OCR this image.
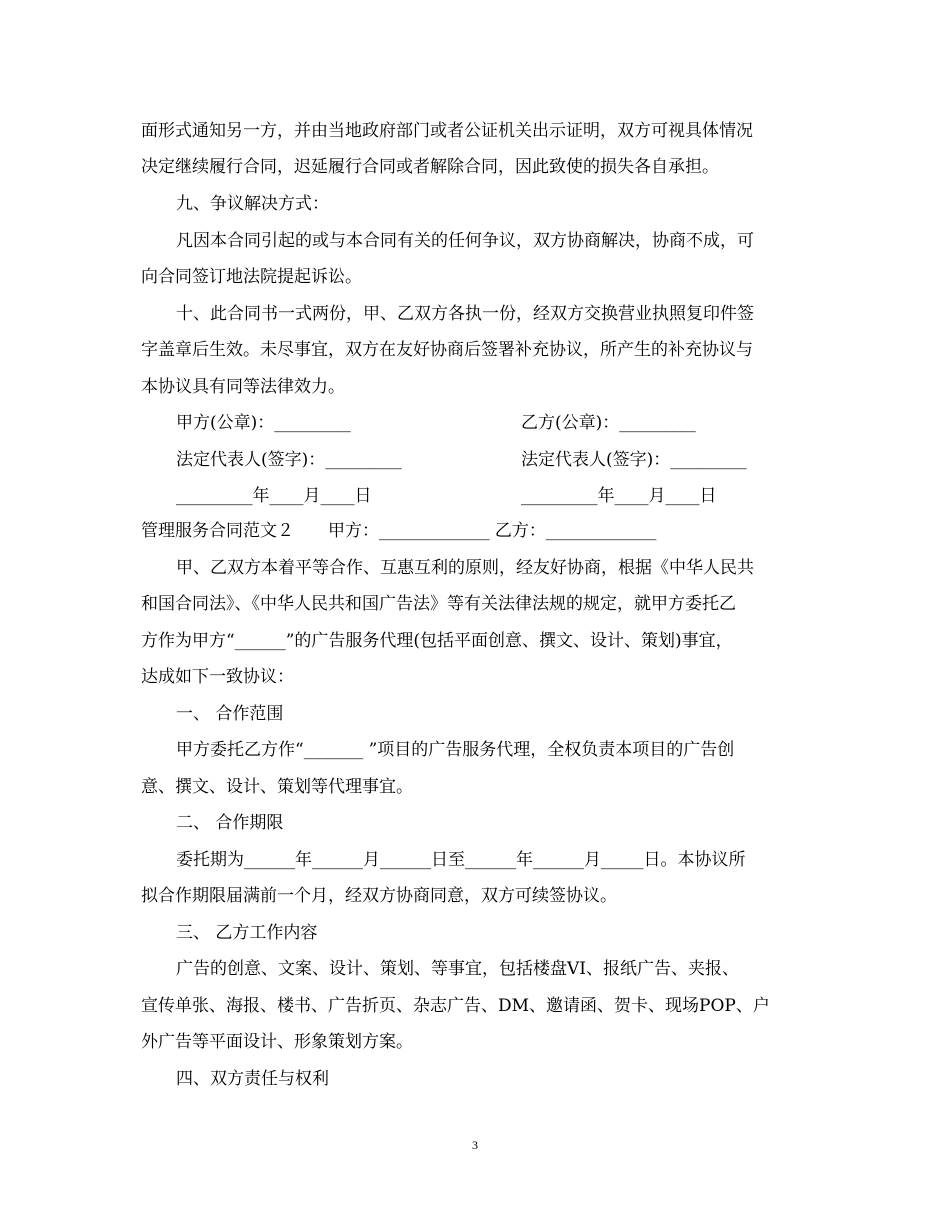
面形式通知另一方，并由当地政府部门或者公证机关出示证明，双方可视具体情况
决定继续履行合同，迟延履行合同或者解除合同，因此致使的损失各自承担。
九、争议解决方式：
凡因本合同引起的或与本合同有关的任何争议，双方协商解决，协商不成，可
向合同签订地法院提起诉讼。
十、此合同书一式两份，甲、乙双方各执一份，经双方交换营业执照复印件签
字盖章后生效。未尽事宜，双方在友好协商后签署补充协议，所产生的补充协议与
本协议具有同等法律效力。
甲方(公章)：_________	乙方(公章)：_________
法定代表人(签字)：_________	法定代表人(签字)：_________
_________年____月____日	_________年____月____日
管理服务合同范文２　　甲方：_____________ 乙方：_____________
甲、乙双方本着平等合作、互惠互利的原则，经友好协商，根据《中华人民共
和国合同法》、《中华人民共和国广告法》等有关法律法规的规定，就甲方委托乙
方作为甲方“______”的广告服务代理(包括平面创意、撰文、设计、策划)事宜，
达成如下一致协议：
一、 合作范围
甲方委托乙方作“_______ ”项目的广告服务代理，全权负责本项目的广告创
意、撰文、设计、策划等代理事宜。
二、 合作期限
委托期为______年______月______日至______年______月_____日。本协议所
拟合作期限届满前一个月，经双方协商同意，双方可续签协议。
三、 乙方工作内容
广告的创意、文案、设计、策划、等事宜，包括楼盘VI、报纸广告、夹报、
宣传单张、海报、楼书、广告折页、杂志广告、DM、邀请函、贺卡、现场POP、户
外广告等平面设计、形象策划方案。
四、双方责任与权利
3
